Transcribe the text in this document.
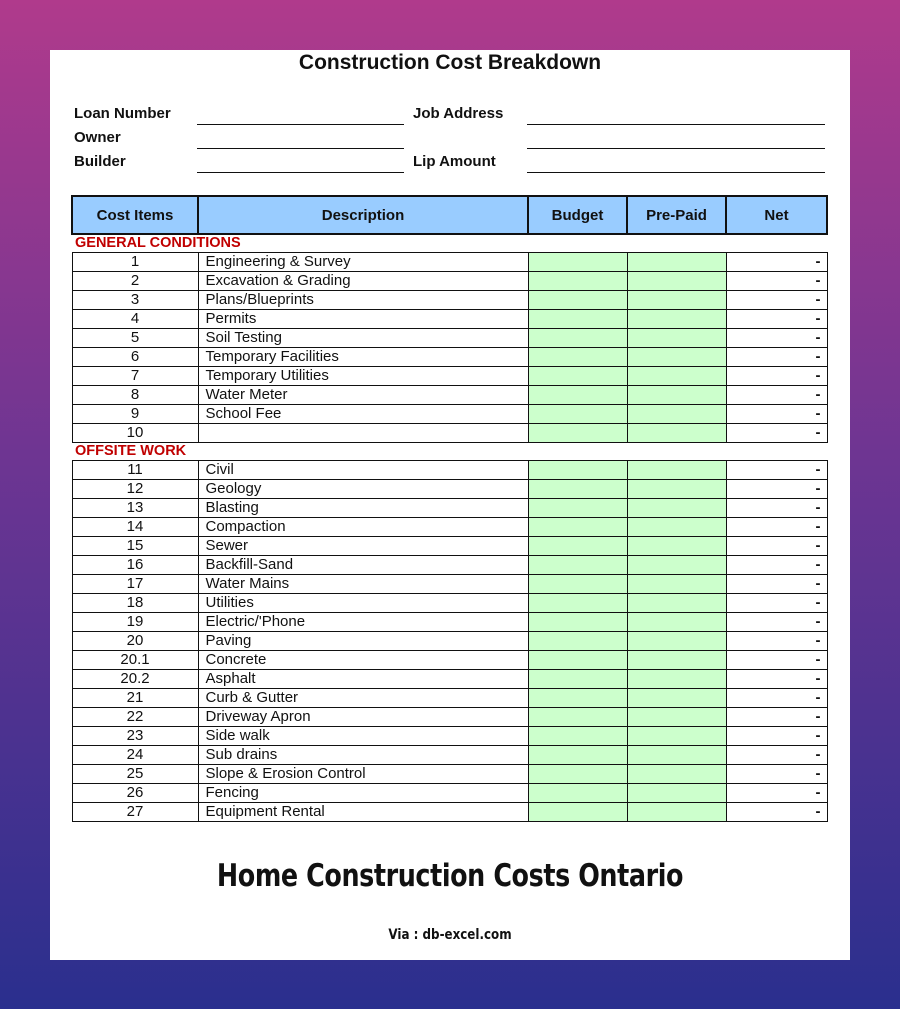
Construction Cost Breakdown
Loan Number	Job Address
Owner
Builder	Lip Amount
Cost Items	Description	Budget	Pre-Paid	Net
GENERAL CONDITIONS				
1	Engineering & Survey			-
2	Excavation & Grading			-
3	Plans/Blueprints			-
4	Permits			-
5	Soil Testing			-
6	Temporary Facilities			-
7	Temporary Utilities			-
8	Water Meter			-
9	School Fee			-
10				-
OFFSITE WORK				
11	Civil			-
12	Geology			-
13	Blasting			-
14	Compaction			-
15	Sewer			-
16	Backfill-Sand			-
17	Water Mains			-
18	Utilities			-
19	Electric/'Phone			-
20	Paving			-
20.1	Concrete			-
20.2	Asphalt			-
21	Curb & Gutter			-
22	Driveway Apron			-
23	Side walk			-
24	Sub drains			-
25	Slope & Erosion Control			-
26	Fencing			-
27	Equipment Rental			-
Home Construction Costs Ontario
Via : db-excel.com
